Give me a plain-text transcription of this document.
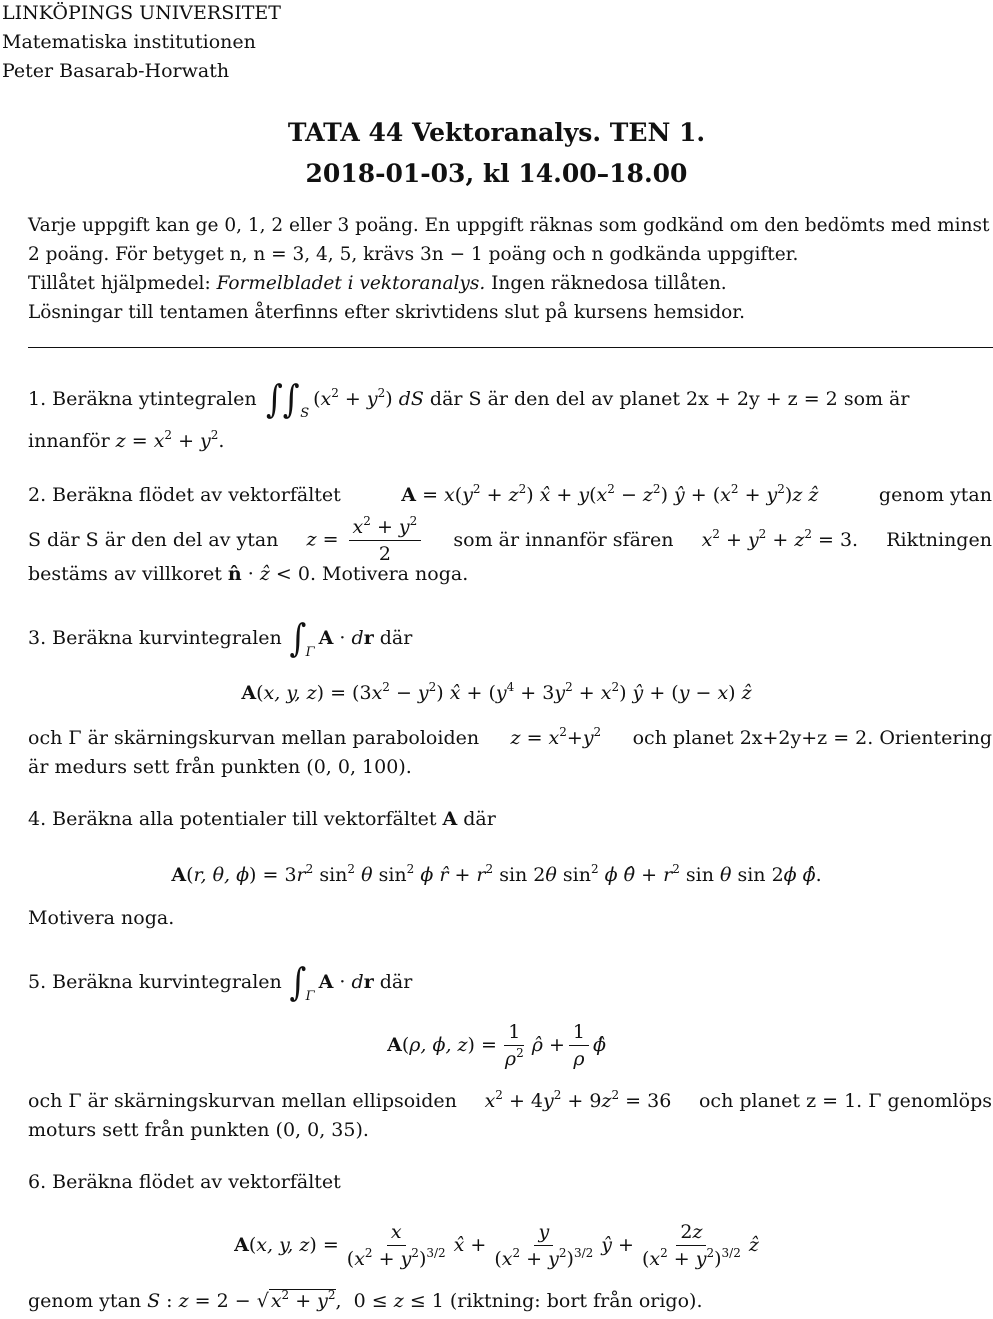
LINKÖPINGS UNIVERSITET
Matematiska institutionen
Peter Basarab-Horwath
TATA 44 Vektoranalys. TEN 1.
2018-01-03, kl 14.00–18.00
Varje uppgift kan ge 0, 1, 2 eller 3 poäng. En uppgift räknas som godkänd om den bedömts med minst
2 poäng. För betyget n, n = 3, 4, 5, krävs 3n − 1 poäng och n godkända uppgifter.
Tillåtet hjälpmedel: Formelbladet i vektoranalys. Ingen räknedosa tillåten.
Lösningar till tentamen återfinns efter skrivtidens slut på kursens hemsidor.
1. Beräkna ytintegralen ∫∫ S
$(x^2 + y^2)$ dS där S är den del av planet 2x + 2y + z = 2 som är
innanför $z = x^2 + y^2$.
2. Beräkna flödet av vektorfältet	$A = x(y^2 + z^2)$ x̂ + $y(x^2 - z^2)$ ŷ + $(x^2 + y^2)z$ ẑ	genom ytan
S där S är den del av ytan $z = \frac{x^2 + y^2}{2}$ som är innanför sfären $x^2 + y^2 + z^2 = 3$. Riktningen
bestäms av villkoret n̂ · ẑ < 0. Motivera noga.
3. Beräkna kurvintegralen ∫ Γ
A · dr där
A(x, y, $z) = (3x^2 - y^2)$ x̂ + $(y^4 + 3y^2 + x^2)$ ŷ + (y − x) ẑ
och Γ är skärningskurvan mellan paraboloiden $z = x^2+y^2$ och planet 2x+2y+z = 2. Orientering
är medurs sett från punkten (0, 0, 100).
4. Beräkna alla potentialer till vektorfältet A där
A(r, θ, $\phi) = 3r^2$ $\sin^2 \theta$ $\sin^2 \phi$ r̂ + $r^2$ sin 2θ $\sin^2 \phi$ θ̂ + $r^2$ sin θ sin 2ϕ ϕ̂.
Motivera noga.
5. Beräkna kurvintegralen ∫ Γ
A · dr där
A(ρ, ϕ, $z) = \frac{1}{\rho^2}$ ρ̂ + $\frac{1}{\rho}$ ϕ̂
och Γ är skärningskurvan mellan ellipsoiden $x^2 + 4y^2 + 9z^2 = 36$ och planet z = 1. Γ genomlöps
moturs sett från punkten (0, 0, 35).
6. Beräkna flödet av vektorfältet
A(x, y, $z) = \frac{x}{(x^2 + y^2)^{3/2}}$ x̂ + $\frac{y}{(x^2 + y^2)^{3/2}}$ ŷ + $\frac{2z}{(x^2 + y^2)^{3/2}}$ ẑ
genom ytan S : z = 2 − √ $x^2 + y^2$,  0 ≤ z ≤ 1 (riktning: bort från origo).
